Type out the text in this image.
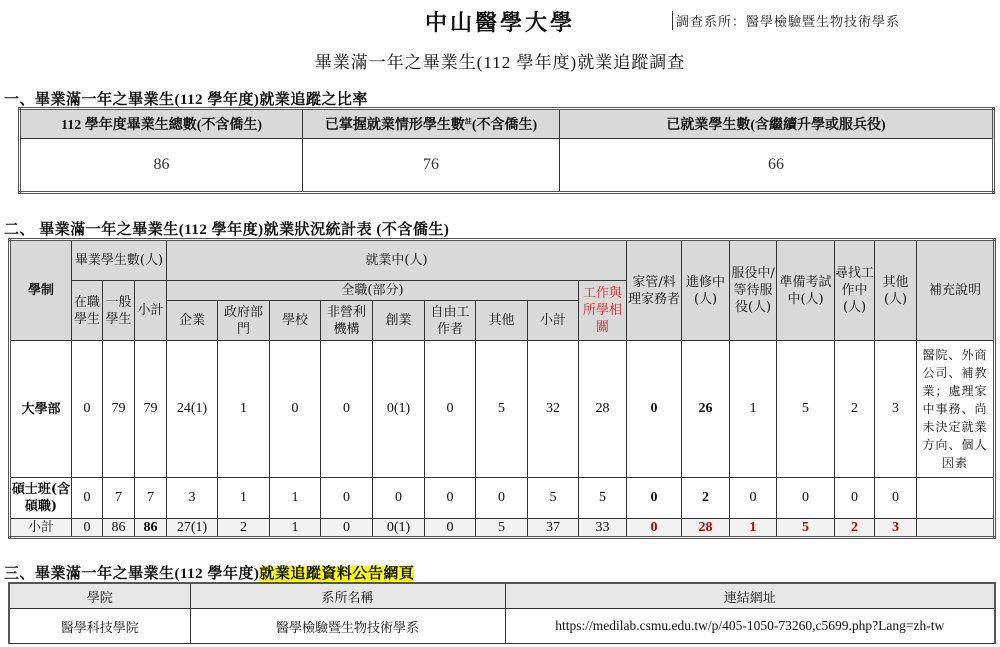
中山醫學大學	調查系所：醫學檢驗暨生物技術學系
畢業滿一年之畢業生(112 學年度)就業追蹤調查
一、畢業滿一年之畢業生(112 學年度)就業追蹤之比率
112 學年度畢業生總數(不含僑生)	已掌握就業情形學生數$^註$(不含僑生)	已就業學生數(含繼續升學或服兵役)
86	76	66
二、 畢業滿一年之畢業生(112 學年度)就業狀況統計表 (不含僑生)
學制	畢業學生數(人)			就業中(人)									家管/料理家務者	進修中(人)	服役中/等待服役(人)	準備考試中(人)	尋找工作中(人)	其他(人)	補充說明
	在職學生	一般學生	小計	全職(部分)								工作與所學相關							
				企業	政府部門	學校	非營利機構	創業	自由工作者	其他	小計								
大學部	0	79	79	24(1)	1	0	0	0(1)	0	5	32	28	0	26	1	5	2	3	醫院、外商公司、補教業；處理家中事務、尚未決定就業方向、個人因素
碩士班(含碩職)	0	7	7	3	1	1	0	0	0	0	5	5	0	2	0	0	0	0	
小計	0	86	86	27(1)	2	1	0	0(1)	0	5	37	33	0	28	1	5	2	3	
三、畢業滿一年之畢業生(112 學年度)就業追蹤資料公告網頁
學院	系所名稱	連結網址
醫學科技學院	醫學檢驗暨生物技術學系	https://medilab.csmu.edu.tw/p/405-1050-73260,c5699.php?Lang=zh-tw
